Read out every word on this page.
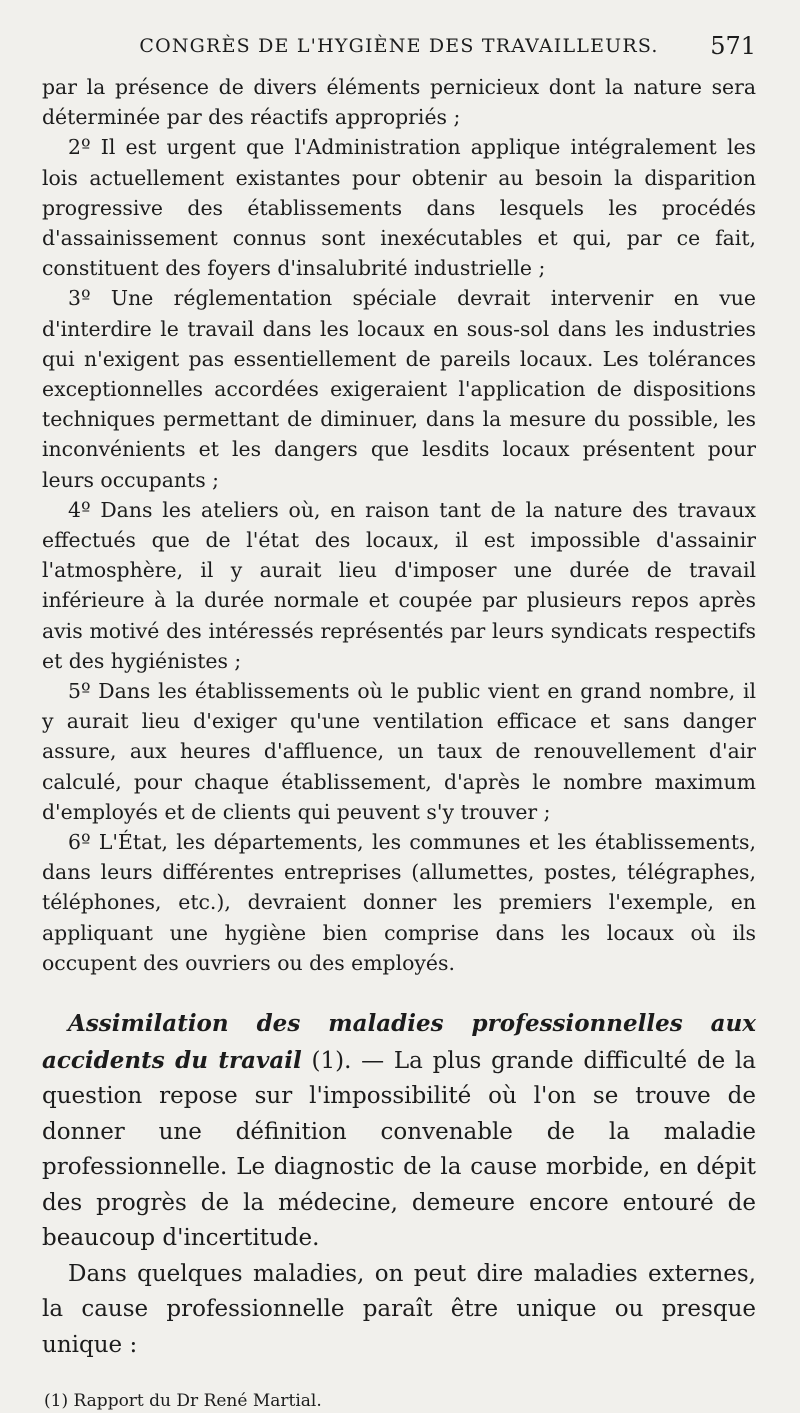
CONGRÈS DE L'HYGIÈNE DES TRAVAILLEURS. 571

par la présence de divers éléments pernicieux dont la nature sera déterminée par des réactifs appropriés ;

2º Il est urgent que l'Administration applique intégralement les lois actuellement existantes pour obtenir au besoin la disparition progressive des établissements dans lesquels les procédés d'assainissement connus sont inexécutables et qui, par ce fait, constituent des foyers d'insalubrité industrielle ;

3º Une réglementation spéciale devrait intervenir en vue d'interdire le travail dans les locaux en sous-sol dans les industries qui n'exigent pas essentiellement de pareils locaux. Les tolérances exceptionnelles accordées exigeraient l'application de dispositions techniques permettant de diminuer, dans la mesure du possible, les inconvénients et les dangers que lesdits locaux présentent pour leurs occupants ;

4º Dans les ateliers où, en raison tant de la nature des travaux effectués que de l'état des locaux, il est impossible d'assainir l'atmosphère, il y aurait lieu d'imposer une durée de travail inférieure à la durée normale et coupée par plusieurs repos après avis motivé des intéressés représentés par leurs syndicats respectifs et des hygiénistes ;

5º Dans les établissements où le public vient en grand nombre, il y aurait lieu d'exiger qu'une ventilation efficace et sans danger assure, aux heures d'affluence, un taux de renouvellement d'air calculé, pour chaque établissement, d'après le nombre maximum d'employés et de clients qui peuvent s'y trouver ;

6º L'État, les départements, les communes et les établissements, dans leurs différentes entreprises (allumettes, postes, télégraphes, téléphones, etc.), devraient donner les premiers l'exemple, en appliquant une hygiène bien comprise dans les locaux où ils occupent des ouvriers ou des employés.

Assimilation des maladies professionnelles aux accidents du travail (1). — La plus grande difficulté de la question repose sur l'impossibilité où l'on se trouve de donner une définition convenable de la maladie professionnelle. Le diagnostic de la cause morbide, en dépit des progrès de la médecine, demeure encore entouré de beaucoup d'incertitude.

Dans quelques maladies, on peut dire maladies externes, la cause professionnelle paraît être unique ou presque unique :

(1) Rapport du Dr René Martial.
